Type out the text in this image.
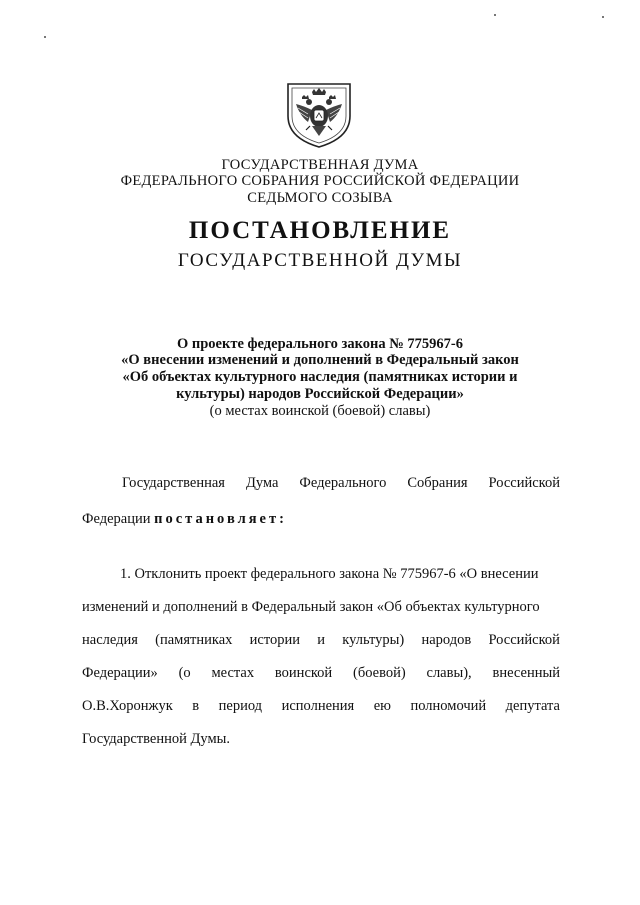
ГОСУДАРСТВЕННАЯ ДУМА
ФЕДЕРАЛЬНОГО СОБРАНИЯ РОССИЙСКОЙ ФЕДЕРАЦИИ
СЕДЬМОГО СОЗЫВА
ПОСТАНОВЛЕНИЕ
ГОСУДАРСТВЕННОЙ ДУМЫ
О проекте федерального закона № 775967-6
«О внесении изменений и дополнений в Федеральный закон
«Об объектах культурного наследия (памятниках истории и
культуры) народов Российской Федерации»
(о местах воинской (боевой) славы)
Государственная Дума Федерального Собрания Российской
Федерации постановляет:
1. Отклонить проект федерального закона № 775967-6 «О внесении
изменений и дополнений в Федеральный закон «Об объектах культурного
наследия (памятниках истории и культуры) народов Российской
Федерации» (о местах воинской (боевой) славы), внесенный
О.В.Хоронжук в период исполнения ею полномочий депутата
Государственной Думы.
